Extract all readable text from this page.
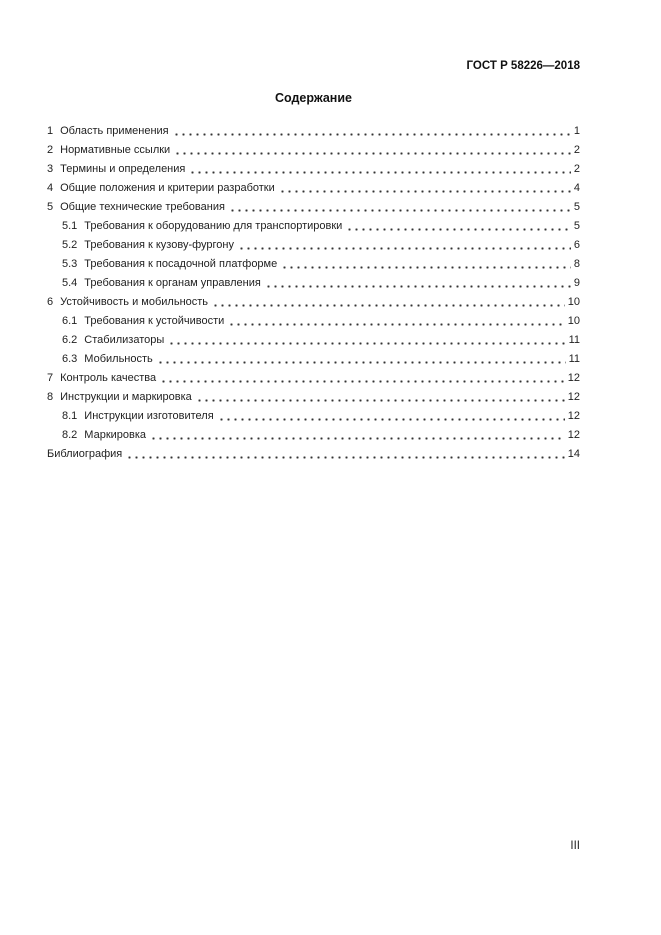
ГОСТ Р 58226—2018
Содержание
1 Область применения	1
2 Нормативные ссылки	2
3 Термины и определения	2
4 Общие положения и критерии разработки	4
5 Общие технические требования	5
5.1 Требования к оборудованию для транспортировки	5
5.2 Требования к кузову-фургону	6
5.3 Требования к посадочной платформе	8
5.4 Требования к органам управления	9
6 Устойчивость и мобильность	10
6.1 Требования к устойчивости	10
6.2 Стабилизаторы	11
6.3 Мобильность	11
7 Контроль качества	12
8 Инструкции и маркировка	12
8.1 Инструкции изготовителя	12
8.2 Маркировка	12
Библиография	14
III
